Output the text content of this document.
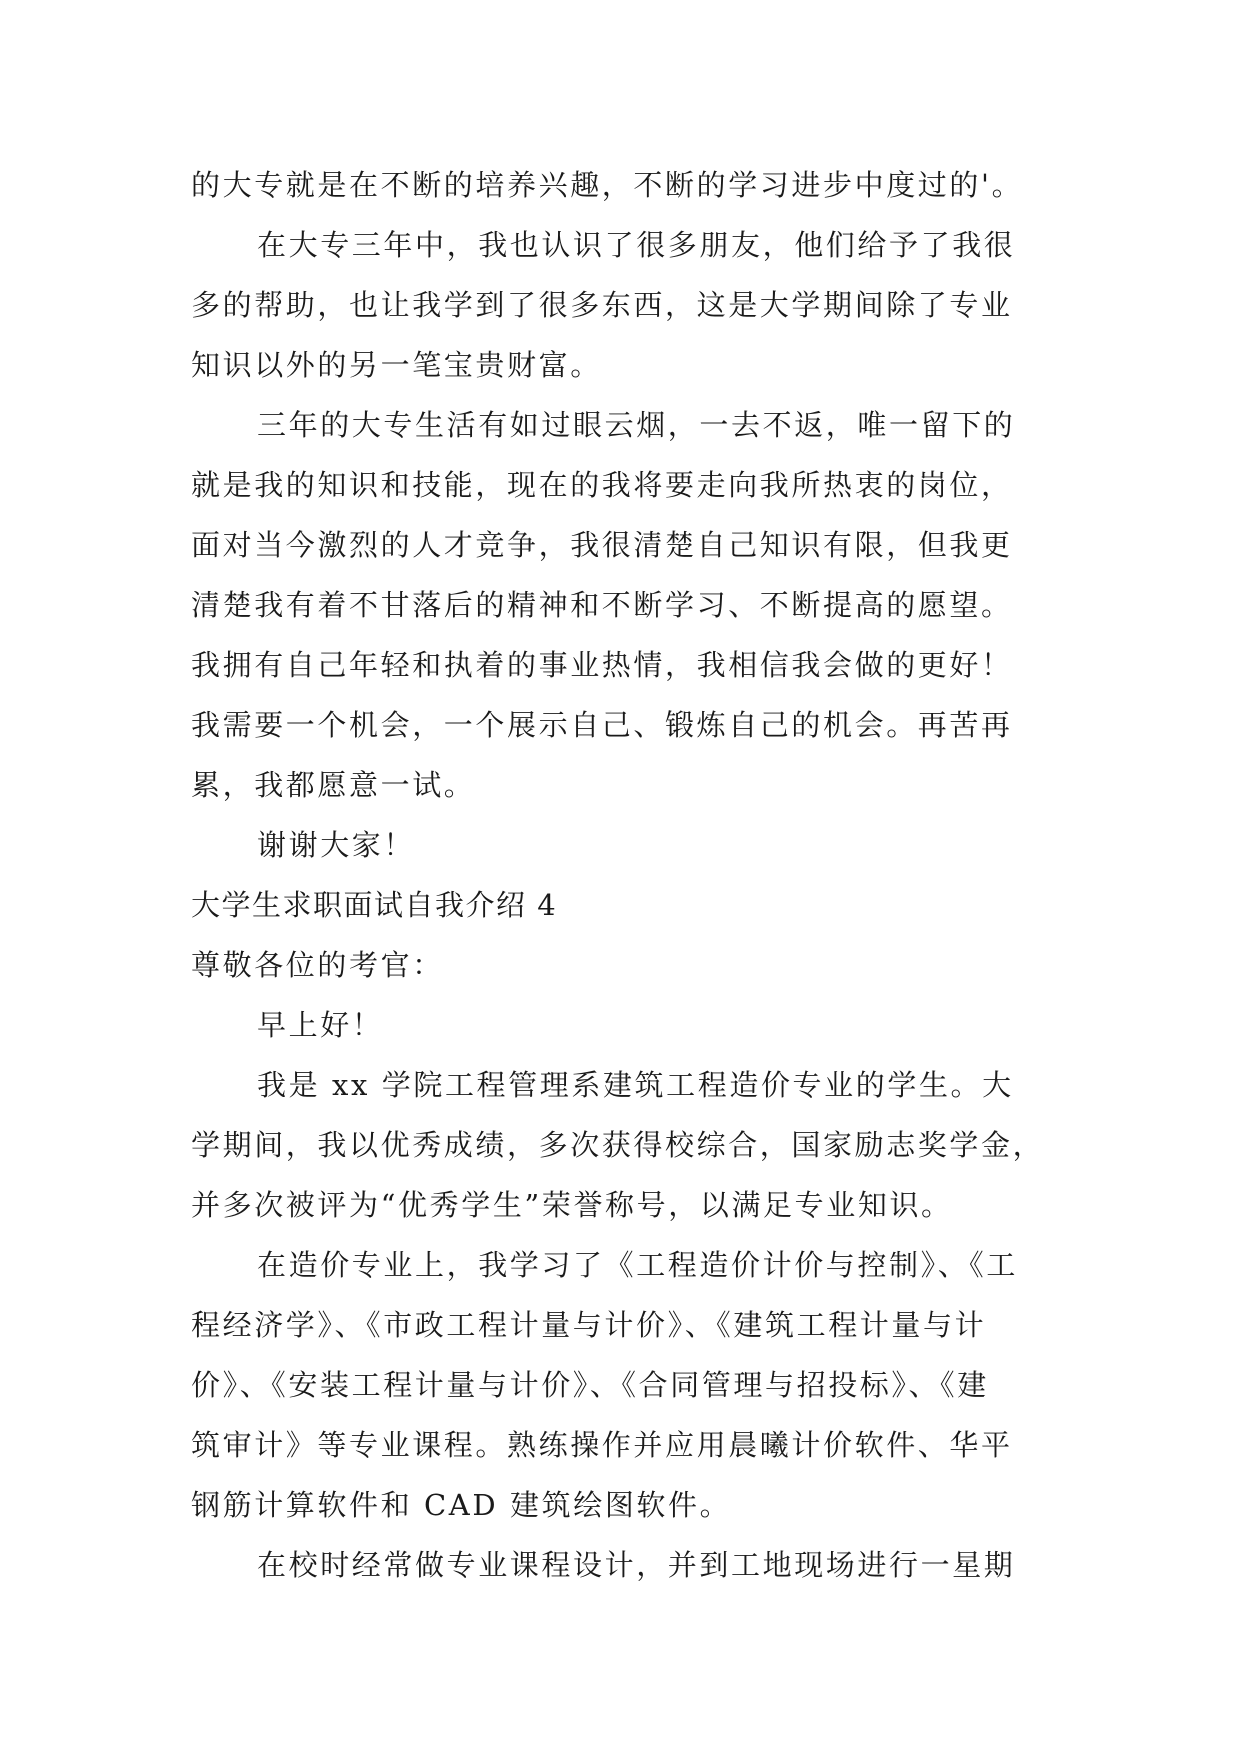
的大专就是在不断的培养兴趣，不断的学习进步中度过的'。
在大专三年中，我也认识了很多朋友，他们给予了我很
多的帮助，也让我学到了很多东西，这是大学期间除了专业
知识以外的另一笔宝贵财富。
三年的大专生活有如过眼云烟，一去不返，唯一留下的
就是我的知识和技能，现在的我将要走向我所热衷的岗位，
面对当今激烈的人才竞争，我很清楚自己知识有限，但我更
清楚我有着不甘落后的精神和不断学习、不断提高的愿望。
我拥有自己年轻和执着的事业热情，我相信我会做的更好！
我需要一个机会，一个展示自己、锻炼自己的机会。再苦再
累，我都愿意一试。
谢谢大家！
大学生求职面试自我介绍 4
尊敬各位的考官：
早上好！
我是 xx 学院工程管理系建筑工程造价专业的学生。大
学期间，我以优秀成绩，多次获得校综合，国家励志奖学金，
并多次被评为“优秀学生”荣誉称号，以满足专业知识。
在造价专业上，我学习了《工程造价计价与控制》、《工
程经济学》、《市政工程计量与计价》、《建筑工程计量与计
价》、《安装工程计量与计价》、《合同管理与招投标》、《建
筑审计》等专业课程。熟练操作并应用晨曦计价软件、华平
钢筋计算软件和 CAD 建筑绘图软件。
在校时经常做专业课程设计，并到工地现场进行一星期
